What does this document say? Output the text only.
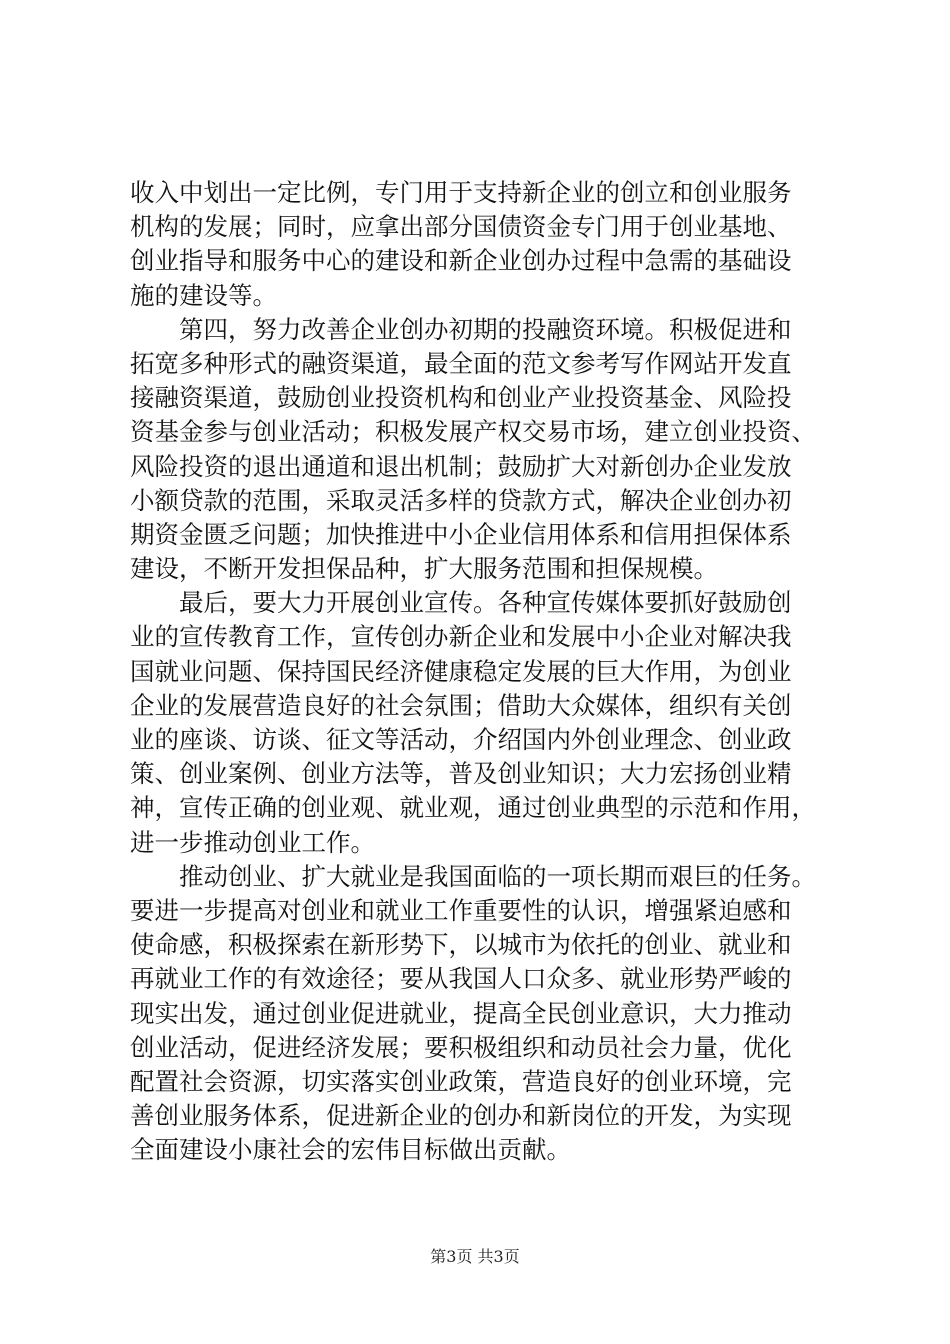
收入中划出一定比例，专门用于支持新企业的创立和创业服务
机构的发展；同时，应拿出部分国债资金专门用于创业基地、
创业指导和服务中心的建设和新企业创办过程中急需的基础设
施的建设等。
　　第四，努力改善企业创办初期的投融资环境。积极促进和
拓宽多种形式的融资渠道，最全面的范文参考写作网站开发直
接融资渠道，鼓励创业投资机构和创业产业投资基金、风险投
资基金参与创业活动；积极发展产权交易市场，建立创业投资、
风险投资的退出通道和退出机制；鼓励扩大对新创办企业发放
小额贷款的范围，采取灵活多样的贷款方式，解决企业创办初
期资金匮乏问题；加快推进中小企业信用体系和信用担保体系
建设，不断开发担保品种，扩大服务范围和担保规模。
　　最后，要大力开展创业宣传。各种宣传媒体要抓好鼓励创
业的宣传教育工作，宣传创办新企业和发展中小企业对解决我
国就业问题、保持国民经济健康稳定发展的巨大作用，为创业
企业的发展营造良好的社会氛围；借助大众媒体，组织有关创
业的座谈、访谈、征文等活动，介绍国内外创业理念、创业政
策、创业案例、创业方法等，普及创业知识；大力宏扬创业精
神，宣传正确的创业观、就业观，通过创业典型的示范和作用，
进一步推动创业工作。
　　推动创业、扩大就业是我国面临的一项长期而艰巨的任务。
要进一步提高对创业和就业工作重要性的认识，增强紧迫感和
使命感，积极探索在新形势下，以城市为依托的创业、就业和
再就业工作的有效途径；要从我国人口众多、就业形势严峻的
现实出发，通过创业促进就业，提高全民创业意识，大力推动
创业活动，促进经济发展；要积极组织和动员社会力量，优化
配置社会资源，切实落实创业政策，营造良好的创业环境，完
善创业服务体系，促进新企业的创办和新岗位的开发，为实现
全面建设小康社会的宏伟目标做出贡献。
第3页 共3页
